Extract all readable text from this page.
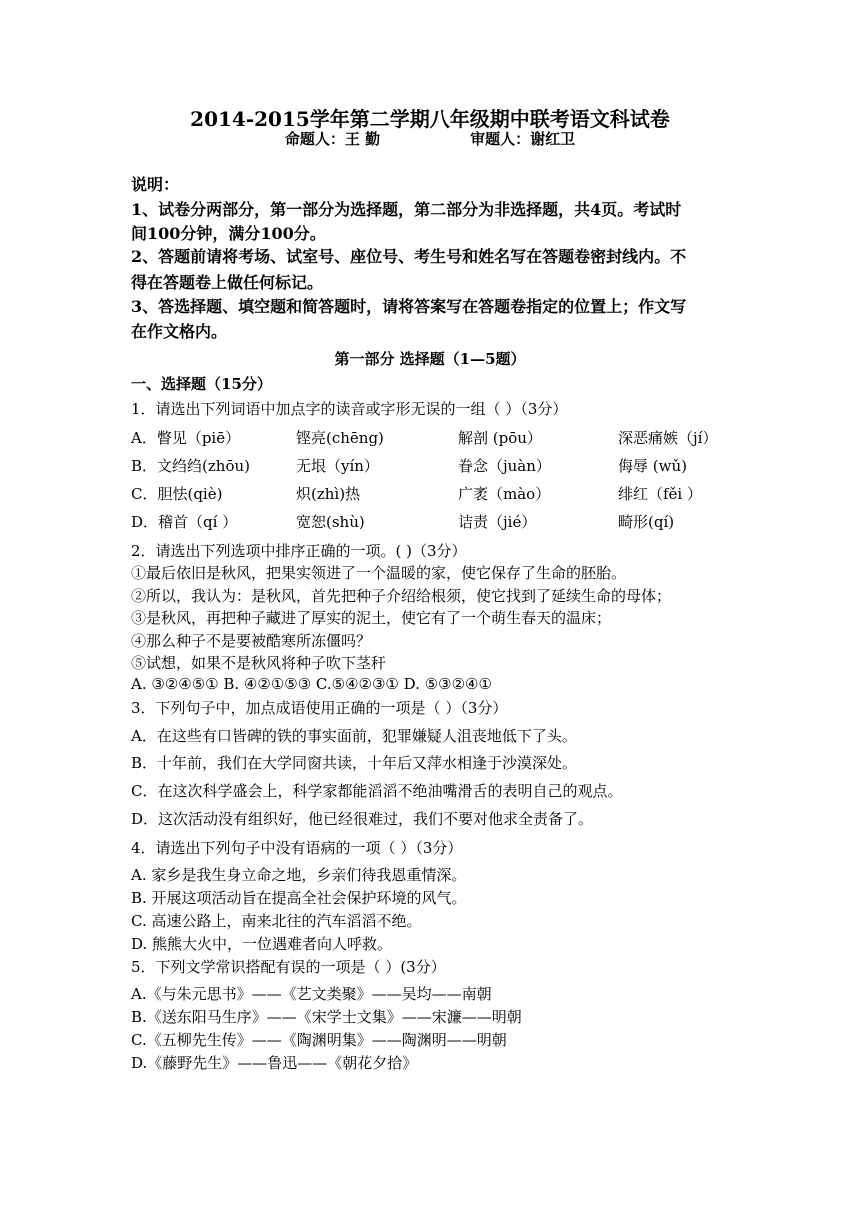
2014-2015学年第二学期八年级期中联考语文科试卷
命题人：王 勤	审题人：谢红卫
说明：
1、试卷分两部分，第一部分为选择题，第二部分为非选择题，共4页。考试时
间100分钟，满分100分。
2、答题前请将考场、试室号、座位号、考生号和姓名写在答题卷密封线内。不
得在答题卷上做任何标记。
3、答选择题、填空题和简答题时，请将答案写在答题卷指定的位置上；作文写
在作文格内。
第一部分 选择题（1—5题）
一、选择题（15分）
1．请选出下列词语中加点字的读音或字形无误的一组（ ）（3分）
A．瞥见（piē）	铿亮(chēng)	解剖 (pōu）	深恶痛嫉（jí）
B．文绉绉(zhōu)	无垠（yín）	眷念（juàn）	侮辱 (wǔ)
C．胆怯(qiè)	炽(zhì)热	广袤（mào）	绯红（fěi ）
D．稽首（qí ）	宽恕(shù)	诘责（jié）	畸形(qí)
2．请选出下列选项中排序正确的一项。( )（3分）
①最后依旧是秋风，把果实领进了一个温暖的家，使它保存了生命的胚胎。
②所以，我认为：是秋风，首先把种子介绍给根须，使它找到了延续生命的母体；
③是秋风，再把种子藏进了厚实的泥土，使它有了一个萌生春天的温床；
④那么种子不是要被酷寒所冻僵吗？
⑤试想，如果不是秋风将种子吹下茎秆
A. ③②④⑤① B. ④②①⑤③ C.⑤④②③① D. ⑤③②④①
3．下列句子中，加点成语使用正确的一项是（ ）（3分）
A．在这些有口皆碑的铁的事实面前，犯罪嫌疑人沮丧地低下了头。
B．十年前，我们在大学同窗共读，十年后又萍水相逢于沙漠深处。
C．在这次科学盛会上，科学家都能滔滔不绝油嘴滑舌的表明自己的观点。
D．这次活动没有组织好，他已经很难过，我们不要对他求全责备了。
4．请选出下列句子中没有语病的一项（ ）（3分）
A. 家乡是我生身立命之地，乡亲们待我恩重情深。
B. 开展这项活动旨在提高全社会保护环境的风气。
C. 高速公路上，南来北往的汽车滔滔不绝。
D. 熊熊大火中，一位遇难者向人呼救。
5．下列文学常识搭配有误的一项是（ ）(3分）
A.《与朱元思书》——《艺文类聚》——吴均——南朝
B.《送东阳马生序》——《宋学士文集》——宋濂——明朝
C.《五柳先生传》——《陶渊明集》——陶渊明——明朝
D.《藤野先生》——鲁迅——《朝花夕拾》
